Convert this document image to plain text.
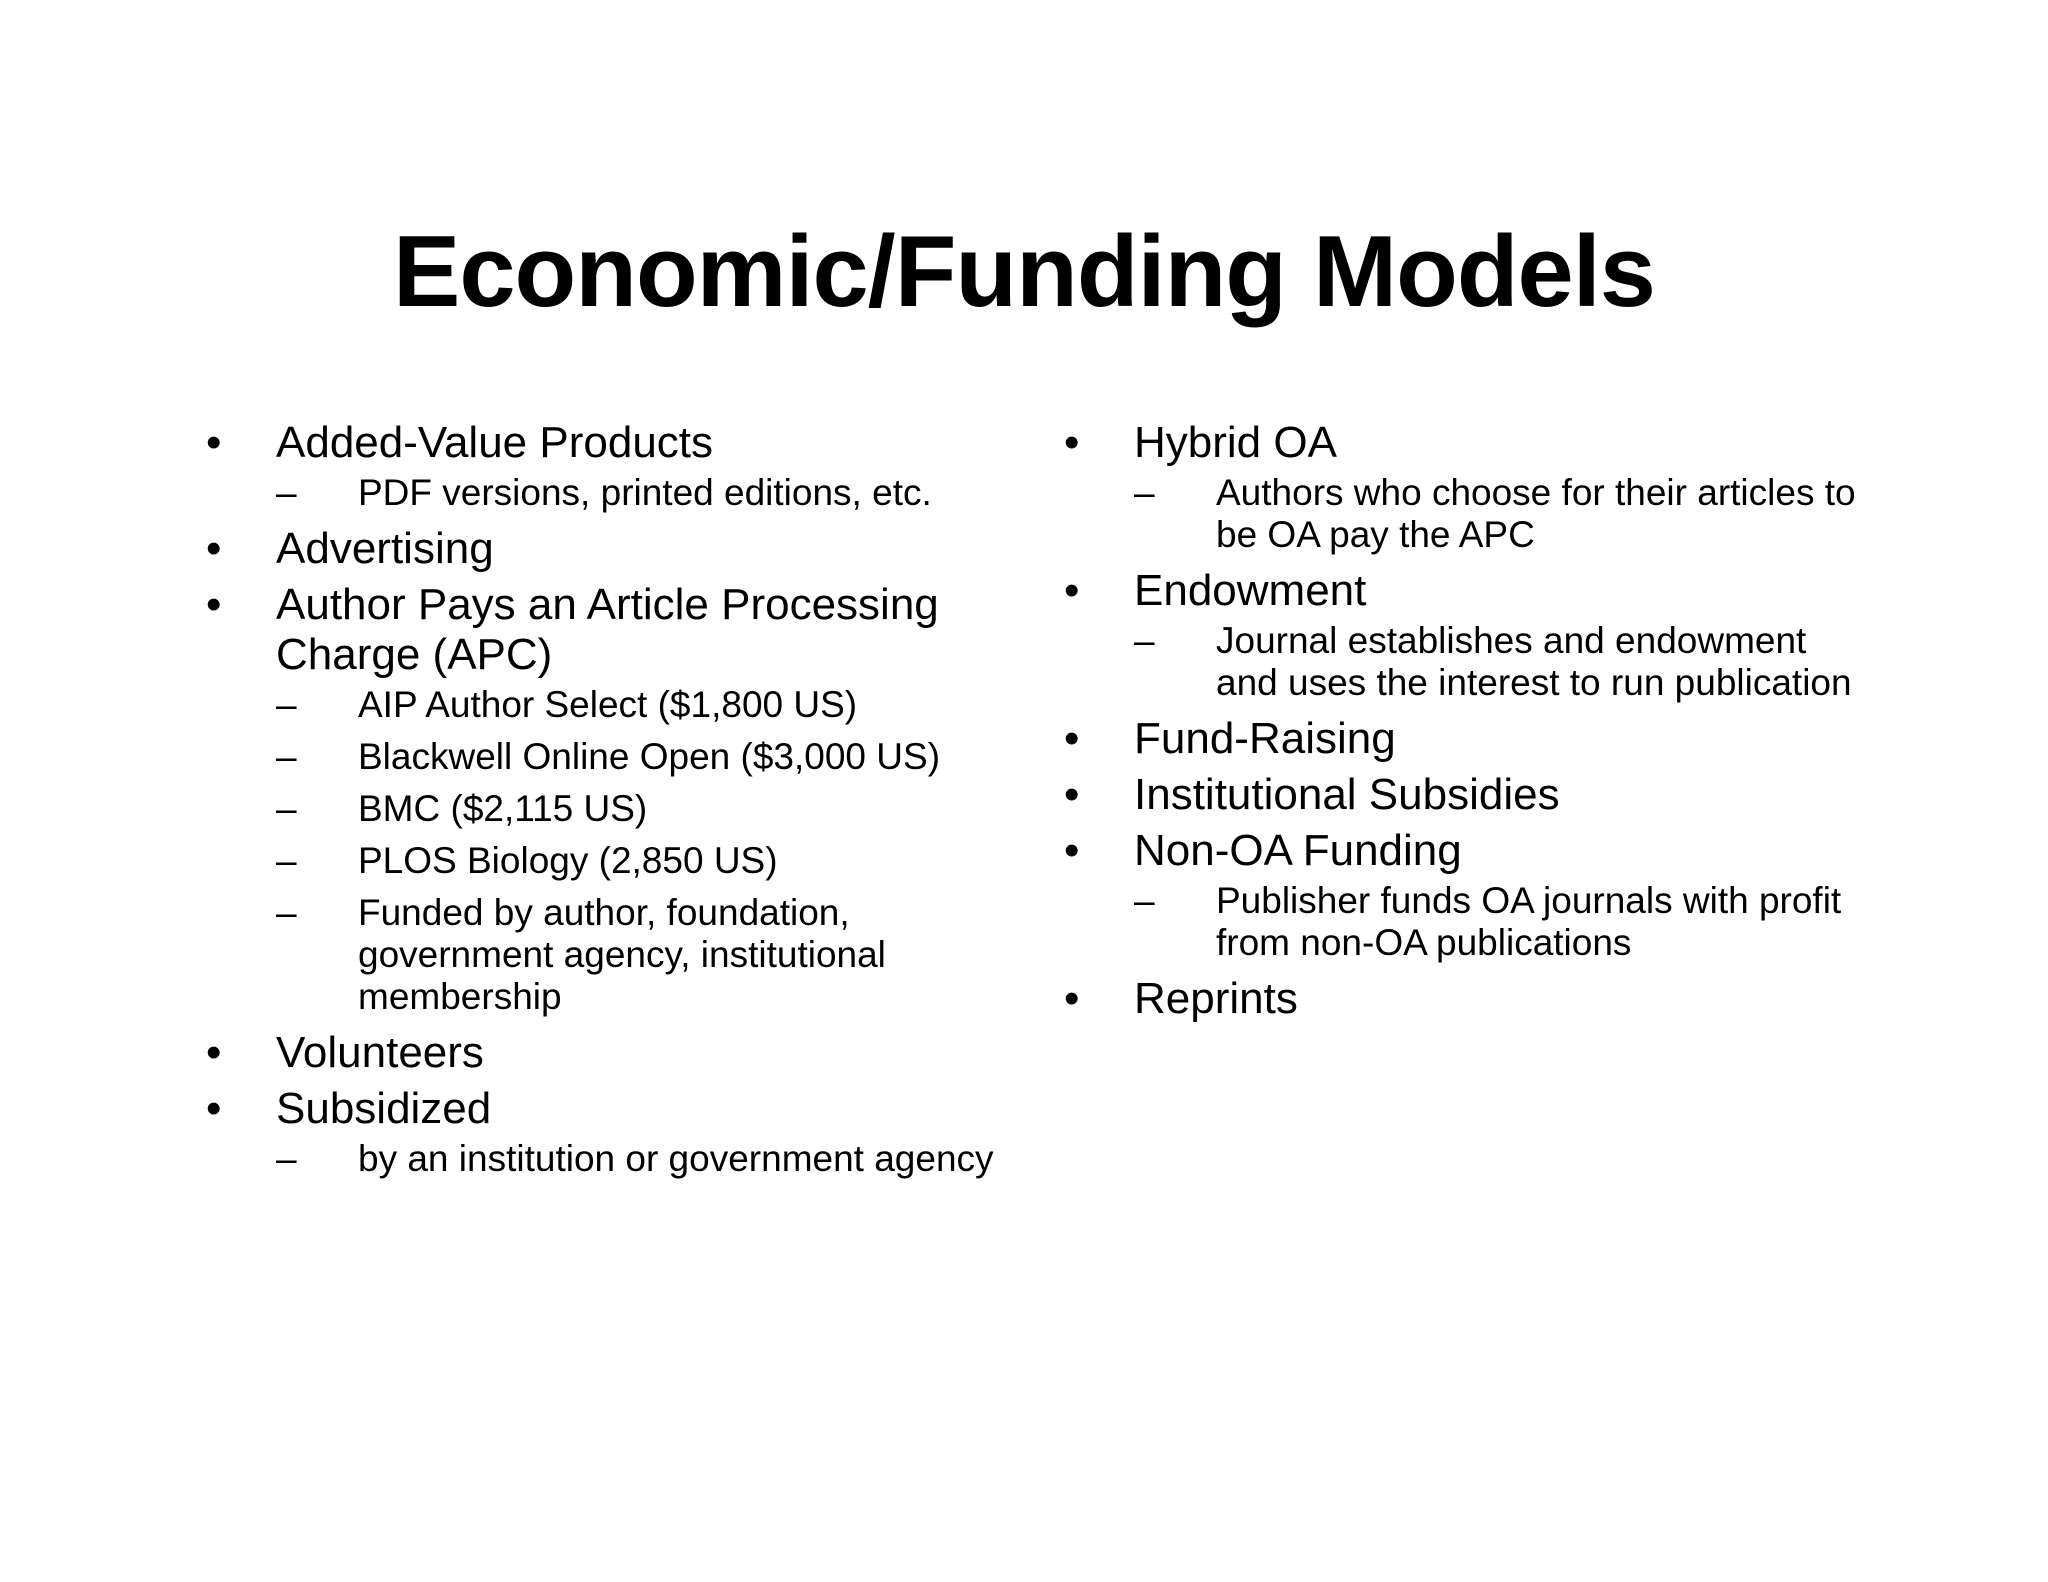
Economic/Funding Models
• Added-Value Products
– PDF versions, printed editions, etc.
• Advertising
• Author Pays an Article Processing Charge (APC)
– AIP Author Select ($1,800 US)
– Blackwell Online Open ($3,000 US)
– BMC ($2,115 US)
– PLOS Biology (2,850 US)
– Funded by author, foundation, government agency, institutional membership
• Volunteers
• Subsidized
– by an institution or government agency
• Hybrid OA
– Authors who choose for their articles to be OA pay the APC
• Endowment
– Journal establishes and endowment and uses the interest to run publication
• Fund-Raising
• Institutional Subsidies
• Non-OA Funding
– Publisher funds OA journals with profit from non-OA publications
• Reprints
